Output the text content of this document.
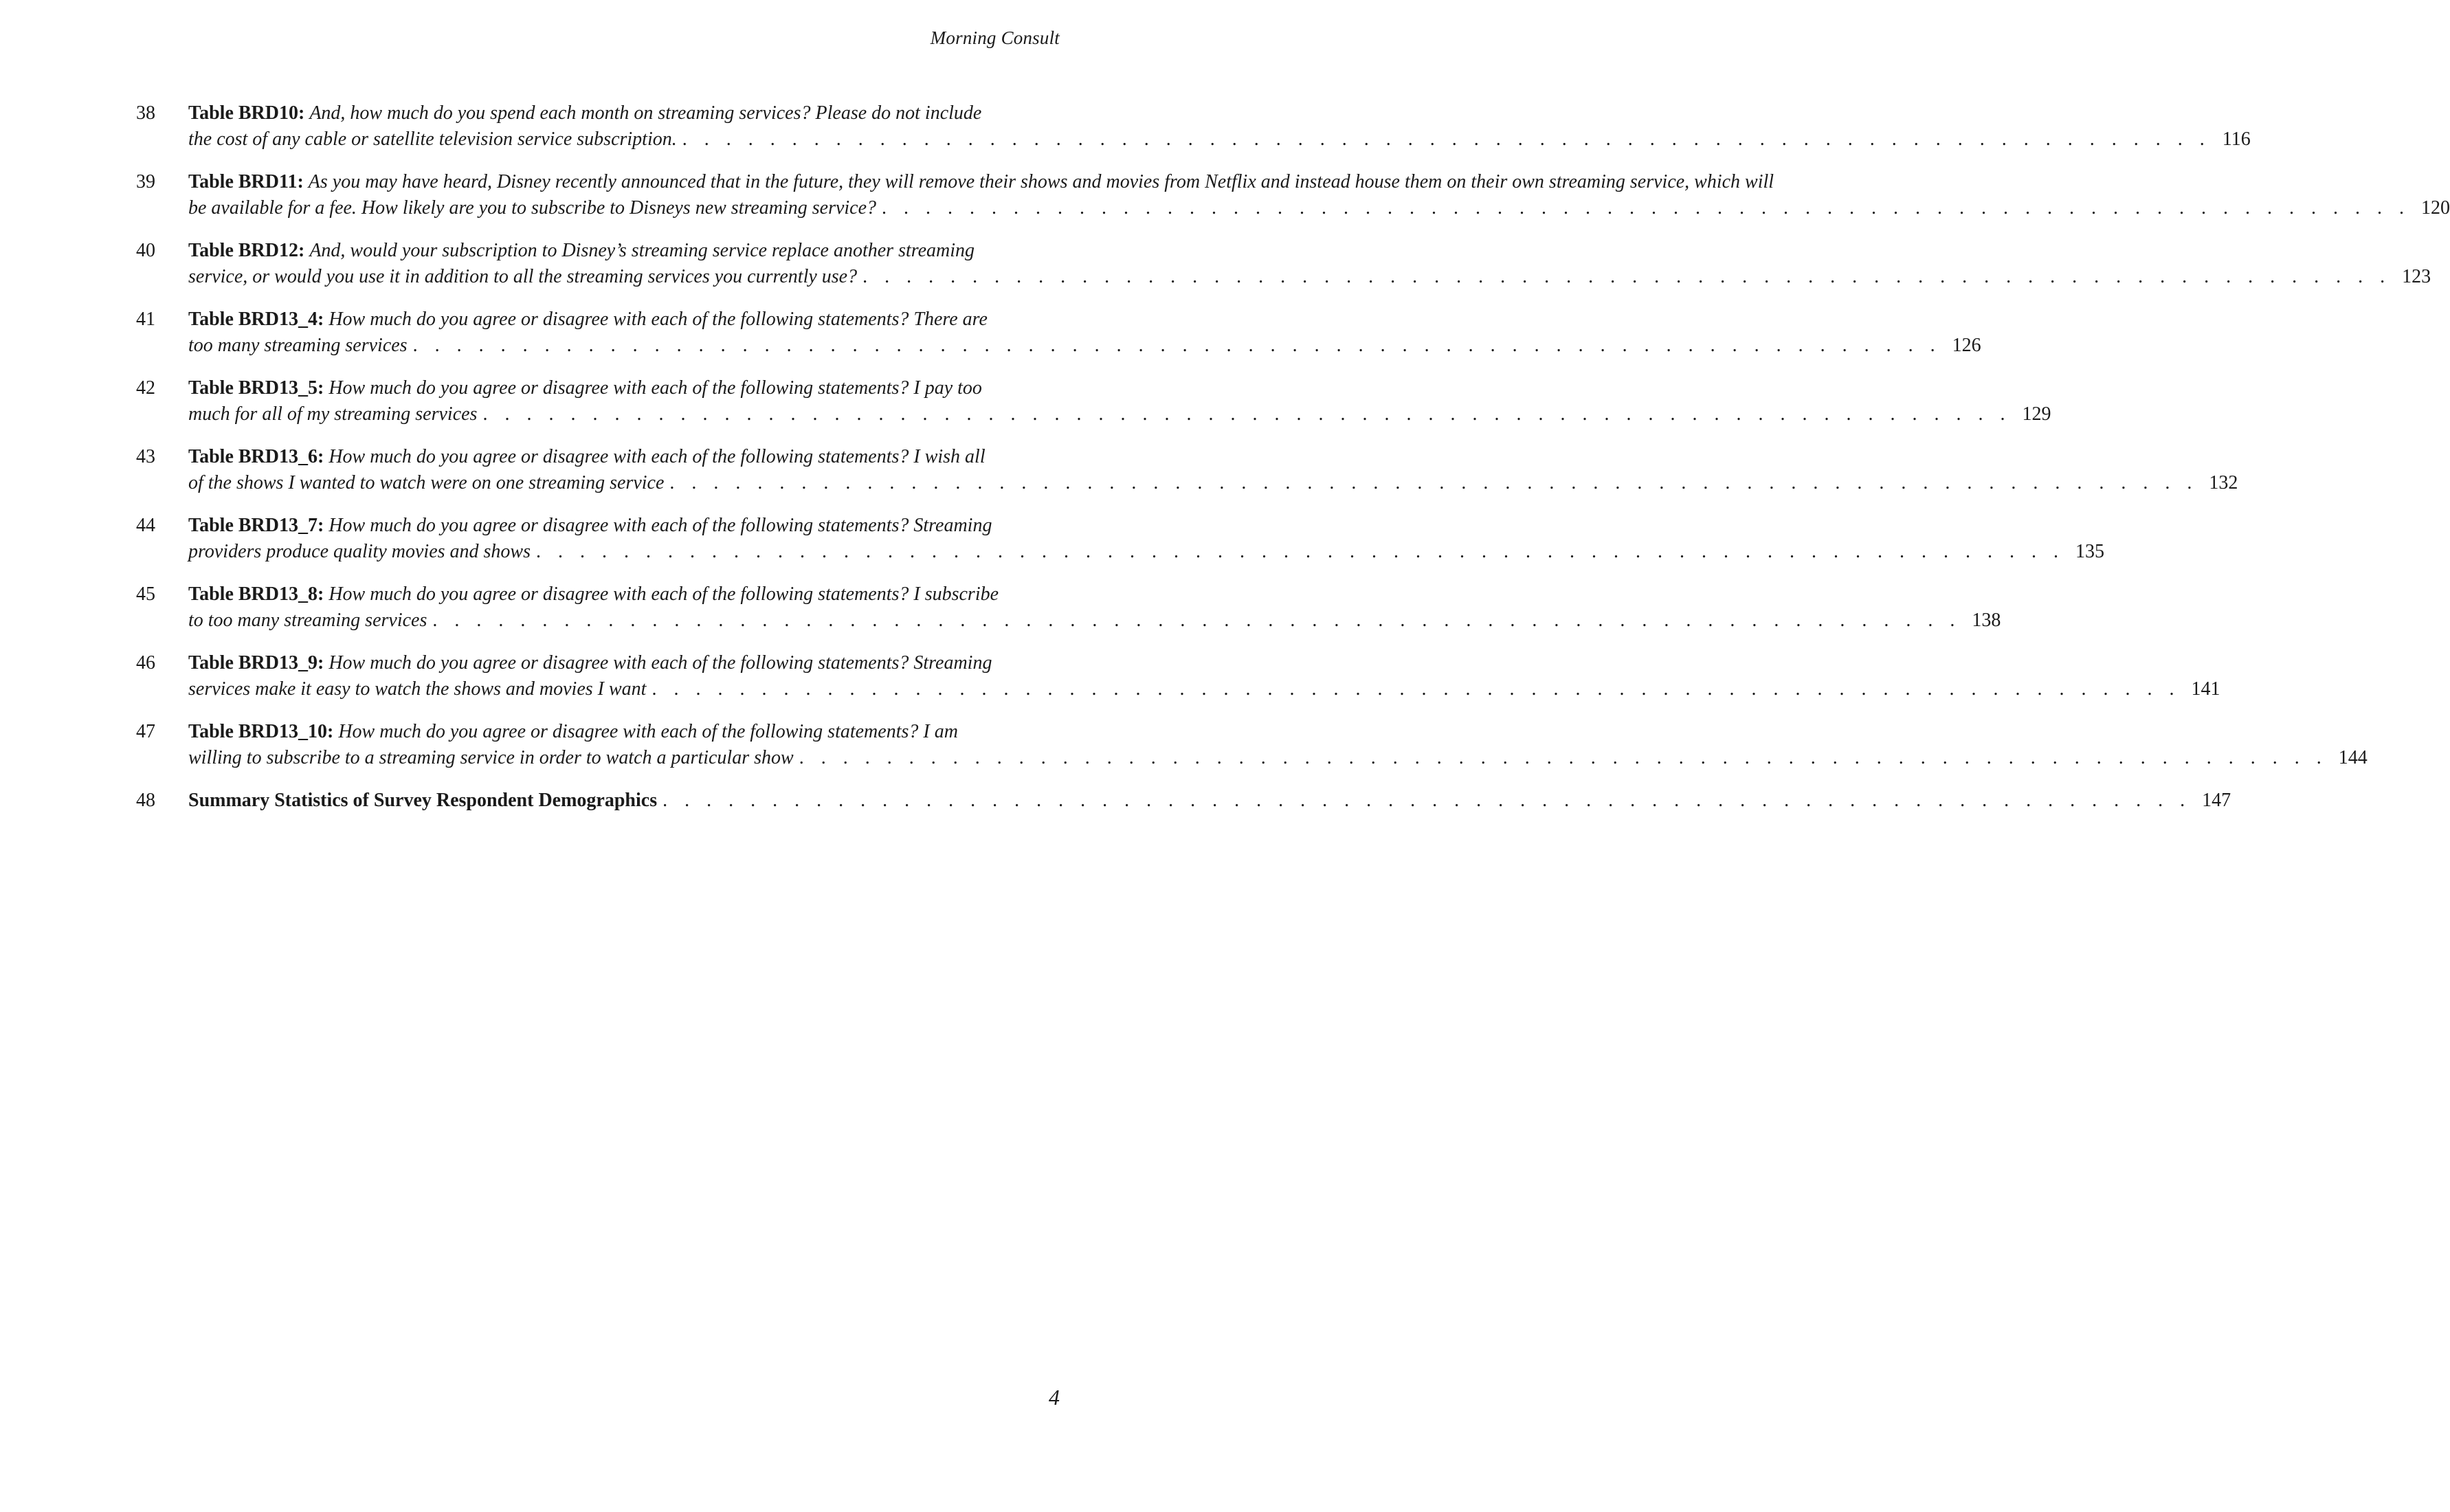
Morning Consult
38	Table BRD10: And, how much do you spend each month on streaming services? Please do not include
the cost of any cable or satellite television service subscription. . . . . . . . . . . . . . . . . . . . . . . . . . . . . . . . . . . . . . . . . . . . . . . . . . . . . . . . . . . . . . . . . . . . . . . 116
39	Table BRD11: As you may have heard, Disney recently announced that in the future, they will remove their shows and movies from Netflix and instead house them on their own streaming service, which will
be available for a fee. How likely are you to subscribe to Disneys new streaming service? . . . . . . . . . . . . . . . . . . . . . . . . . . . . . . . . . . . . . . . . . . . . . . . . . . . . . . . . . . . . . . . . . . . . . . 120
40	Table BRD12: And, would your subscription to Disney’s streaming service replace another streaming
service, or would you use it in addition to all the streaming services you currently use? . . . . . . . . . . . . . . . . . . . . . . . . . . . . . . . . . . . . . . . . . . . . . . . . . . . . . . . . . . . . . . . . . . . . . . 123
41	Table BRD13_4: How much do you agree or disagree with each of the following statements? There are
too many streaming services . . . . . . . . . . . . . . . . . . . . . . . . . . . . . . . . . . . . . . . . . . . . . . . . . . . . . . . . . . . . . . . . . . . . . . 126
42	Table BRD13_5: How much do you agree or disagree with each of the following statements? I pay too
much for all of my streaming services . . . . . . . . . . . . . . . . . . . . . . . . . . . . . . . . . . . . . . . . . . . . . . . . . . . . . . . . . . . . . . . . . . . . . . 129
43	Table BRD13_6: How much do you agree or disagree with each of the following statements? I wish all
of the shows I wanted to watch were on one streaming service . . . . . . . . . . . . . . . . . . . . . . . . . . . . . . . . . . . . . . . . . . . . . . . . . . . . . . . . . . . . . . . . . . . . . . 132
44	Table BRD13_7: How much do you agree or disagree with each of the following statements? Streaming
providers produce quality movies and shows . . . . . . . . . . . . . . . . . . . . . . . . . . . . . . . . . . . . . . . . . . . . . . . . . . . . . . . . . . . . . . . . . . . . . . 135
45	Table BRD13_8: How much do you agree or disagree with each of the following statements? I subscribe
to too many streaming services . . . . . . . . . . . . . . . . . . . . . . . . . . . . . . . . . . . . . . . . . . . . . . . . . . . . . . . . . . . . . . . . . . . . . . 138
46	Table BRD13_9: How much do you agree or disagree with each of the following statements? Streaming
services make it easy to watch the shows and movies I want . . . . . . . . . . . . . . . . . . . . . . . . . . . . . . . . . . . . . . . . . . . . . . . . . . . . . . . . . . . . . . . . . . . . . . 141
47	Table BRD13_10: How much do you agree or disagree with each of the following statements? I am
willing to subscribe to a streaming service in order to watch a particular show . . . . . . . . . . . . . . . . . . . . . . . . . . . . . . . . . . . . . . . . . . . . . . . . . . . . . . . . . . . . . . . . . . . . . . 144
48	Summary Statistics of Survey Respondent Demographics . . . . . . . . . . . . . . . . . . . . . . . . . . . . . . . . . . . . . . . . . . . . . . . . . . . . . . . . . . . . . . . . . . . . . . 147
4
